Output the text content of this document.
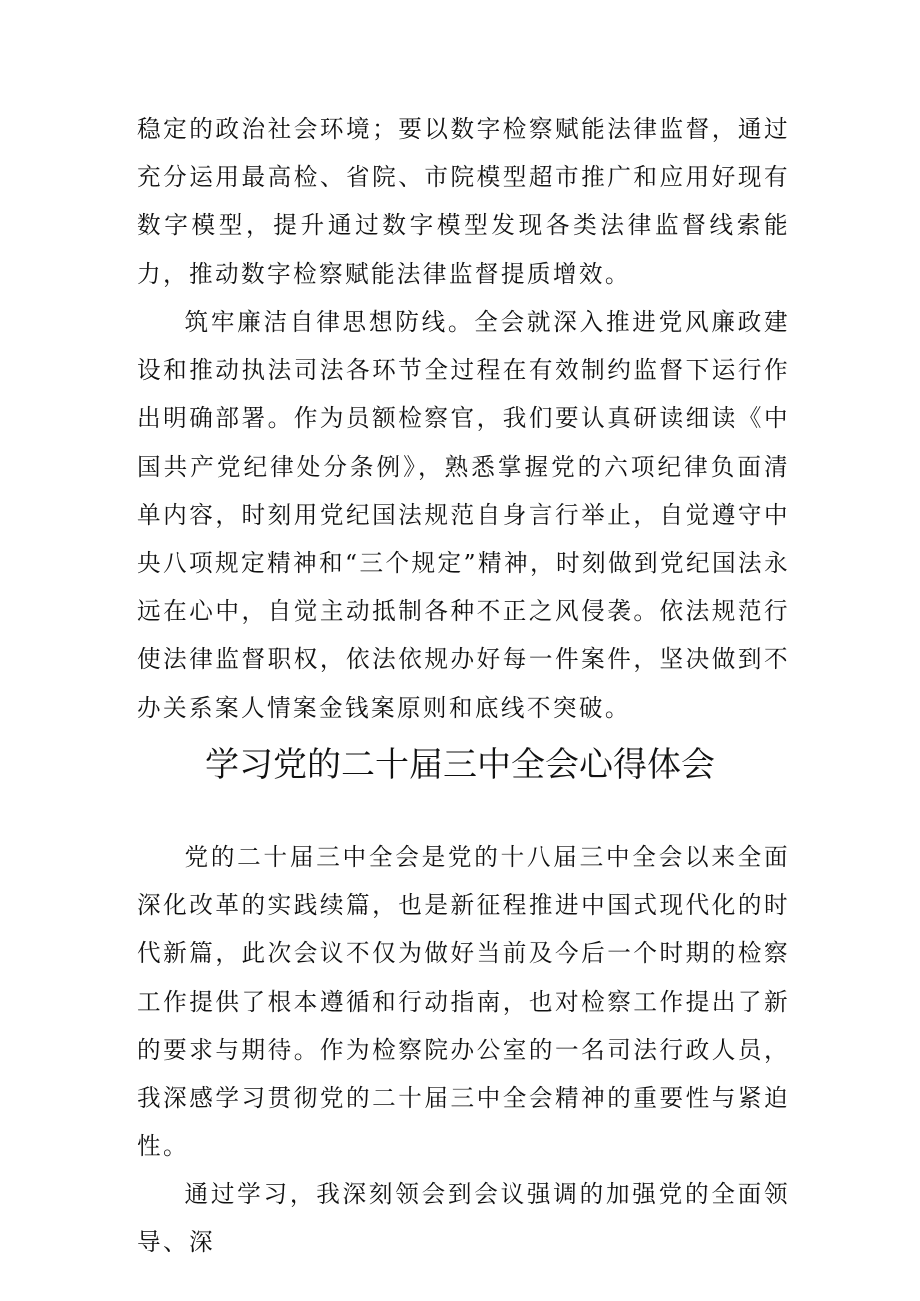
稳定的政治社会环境；要以数字检察赋能法律监督，通过充分运用最高检、省院、市院模型超市推广和应用好现有数字模型，提升通过数字模型发现各类法律监督线索能力，推动数字检察赋能法律监督提质增效。

筑牢廉洁自律思想防线。全会就深入推进党风廉政建设和推动执法司法各环节全过程在有效制约监督下运行作出明确部署。作为员额检察官，我们要认真研读细读《中国共产党纪律处分条例》，熟悉掌握党的六项纪律负面清单内容，时刻用党纪国法规范自身言行举止，自觉遵守中央八项规定精神和“三个规定”精神，时刻做到党纪国法永远在心中，自觉主动抵制各种不正之风侵袭。依法规范行使法律监督职权，依法依规办好每一件案件，坚决做到不办关系案人情案金钱案原则和底线不突破。

学习党的二十届三中全会心得体会

党的二十届三中全会是党的十八届三中全会以来全面深化改革的实践续篇，也是新征程推进中国式现代化的时代新篇，此次会议不仅为做好当前及今后一个时期的检察工作提供了根本遵循和行动指南，也对检察工作提出了新的要求与期待。作为检察院办公室的一名司法行政人员，我深感学习贯彻党的二十届三中全会精神的重要性与紧迫性。

通过学习，我深刻领会到会议强调的加强党的全面领导、深
